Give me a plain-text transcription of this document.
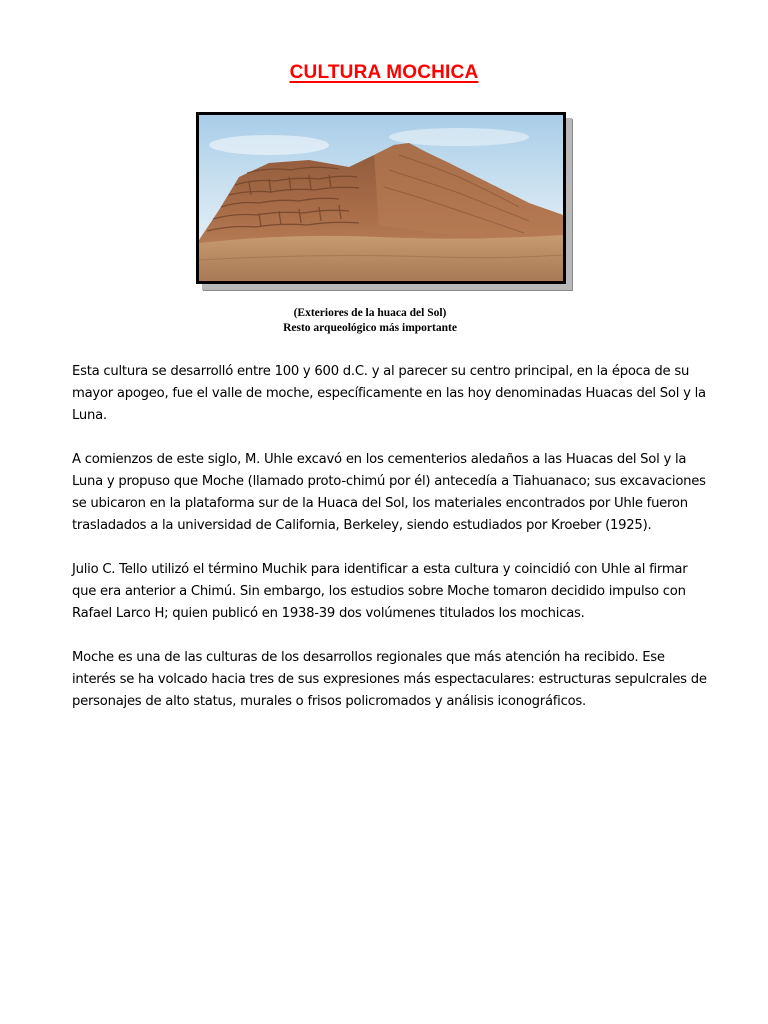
CULTURA MOCHICA
(Exteriores de la huaca del Sol)
Resto arqueológico más importante

Esta cultura se desarrolló entre 100 y 600 d.C. y al parecer su centro principal, en la época de su mayor apogeo, fue el valle de moche, específicamente en las hoy denominadas Huacas del Sol y la Luna.

A comienzos de este siglo, M. Uhle excavó en los cementerios aledaños a las Huacas del Sol y la Luna y propuso que Moche (llamado proto-chimú por él) antecedía a Tiahuanaco; sus excavaciones se ubicaron en la plataforma sur de la Huaca del Sol, los materiales encontrados por Uhle fueron trasladados a la universidad de California, Berkeley, siendo estudiados por Kroeber (1925).

Julio C. Tello utilizó el término Muchik para identificar a esta cultura y coincidió con Uhle al firmar que era anterior a Chimú. Sin embargo, los estudios sobre Moche tomaron decidido impulso con Rafael Larco H; quien publicó en 1938-39 dos volúmenes titulados los mochicas.

Moche es una de las culturas de los desarrollos regionales que más atención ha recibido. Ese interés se ha volcado hacia tres de sus expresiones más espectaculares: estructuras sepulcrales de personajes de alto status, murales o frisos policromados y análisis iconográficos.
